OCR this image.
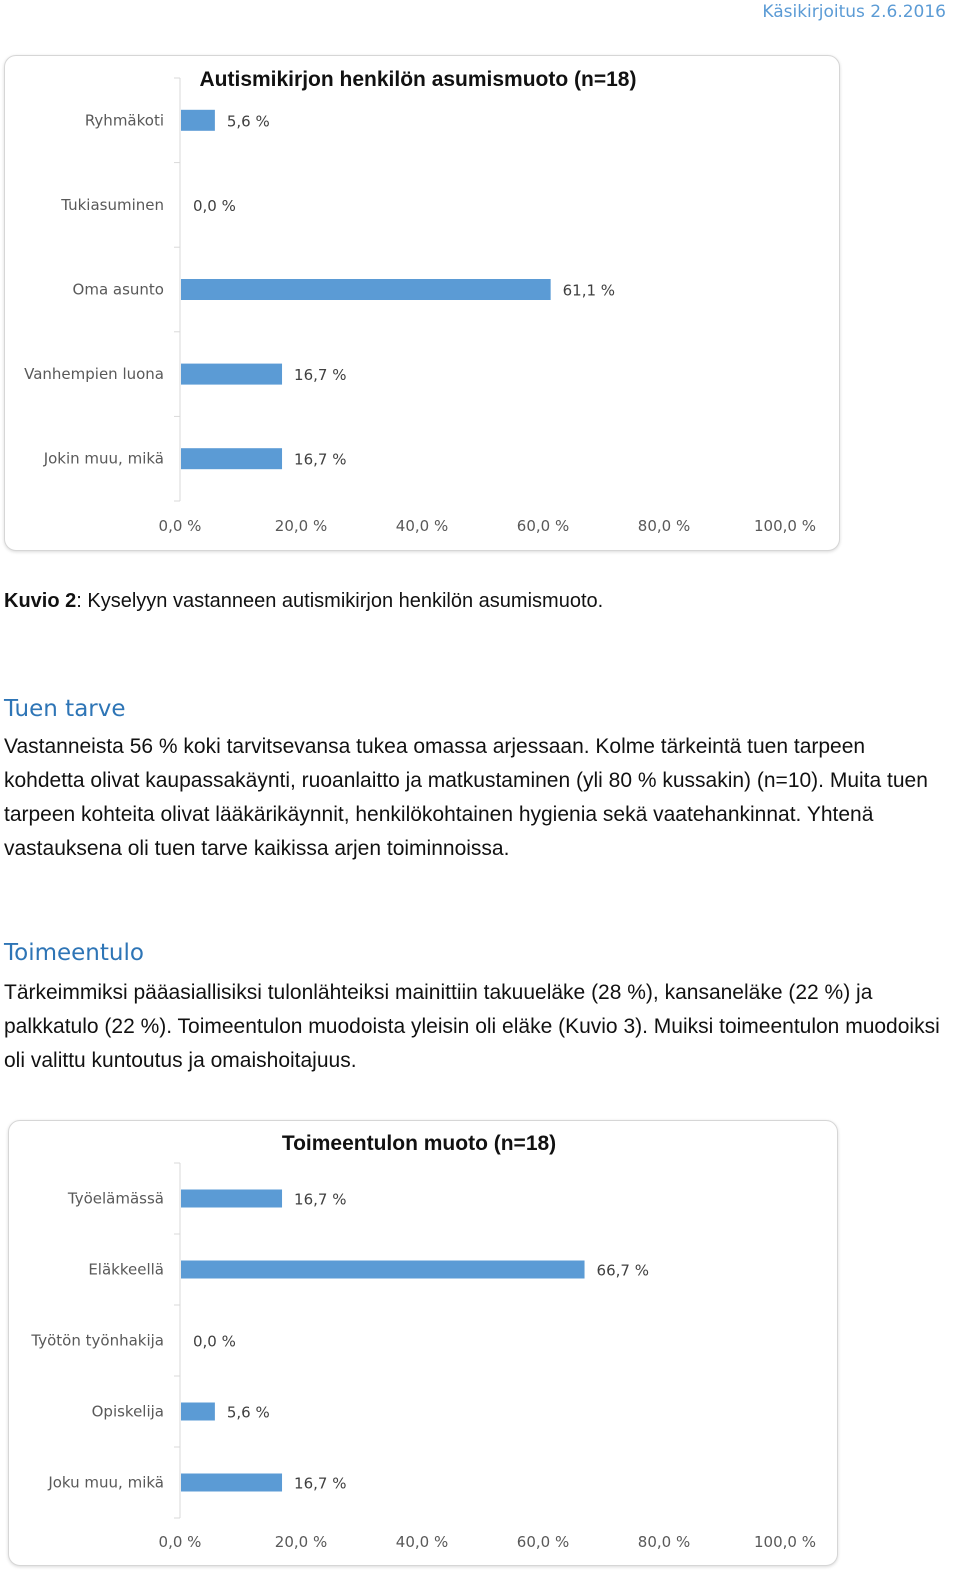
Käsikirjoitus 2.6.2016
Autismikirjon henkilön asumismuoto (n=18)
Ryhmäkoti	5,6 %
Tukiasuminen 0,0 %
Oma asunto	61,1 %
Vanhempien luona	16,7 %
Jokin muu, mikä	16,7 %
0,0 %	20,0 %	40,0 %	60,0 %	80,0 %	100,0 %
Kuvio 2: Kyselyyn vastanneen autismikirjon henkilön asumismuoto.
Tuen tarve
Vastanneista 56 % koki tarvitsevansa tukea omassa arjessaan. Kolme tärkeintä tuen tarpeen kohdetta olivat kaupassakäynti, ruoanlaitto ja matkustaminen (yli 80 % kussakin) (n=10). Muita tuen tarpeen kohteita olivat lääkärikäynnit, henkilökohtainen hygienia sekä vaatehankinnat. Yhtenä vastauksena oli tuen tarve kaikissa arjen toiminnoissa.
Toimeentulo
Tärkeimmiksi pääasiallisiksi tulonlähteiksi mainittiin takuueläke (28 %), kansaneläke (22 %) ja palkkatulo (22 %). Toimeentulon muodoista yleisin oli eläke (Kuvio 3). Muiksi toimeentulon muodoiksi oli valittu kuntoutus ja omaishoitajuus.
Toimeentulon muoto (n=18)
Työelämässä	16,7 %
Eläkkeellä	66,7 %
Työtön työnhakija 0,0 %
Opiskelija	5,6 %
Joku muu, mikä	16,7 %
0,0 %	20,0 %	40,0 %	60,0 %	80,0 %	100,0 %
